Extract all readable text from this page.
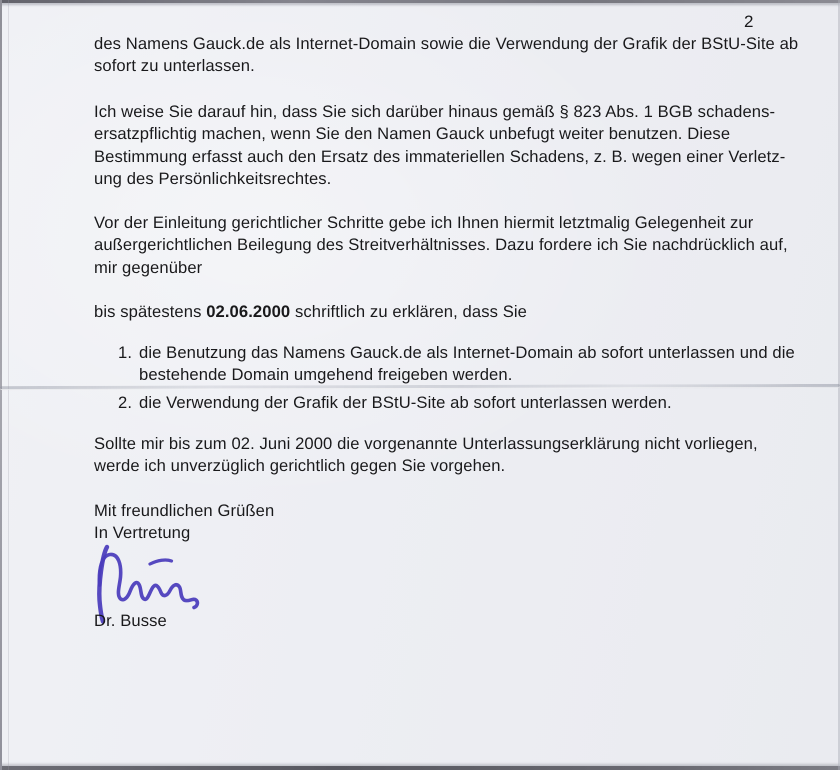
2
des Namens Gauck.de als Internet-Domain sowie die Verwendung der Grafik der BStU-Site ab
sofort zu unterlassen.
Ich weise Sie darauf hin, dass Sie sich darüber hinaus gemäß § 823 Abs. 1 BGB schadens-
ersatzpflichtig machen, wenn Sie den Namen Gauck unbefugt weiter benutzen. Diese
Bestimmung erfasst auch den Ersatz des immateriellen Schadens, z. B. wegen einer Verletz-
ung des Persönlichkeitsrechtes.
Vor der Einleitung gerichtlicher Schritte gebe ich Ihnen hiermit letztmalig Gelegenheit zur
außergerichtlichen Beilegung des Streitverhältnisses. Dazu fordere ich Sie nachdrücklich auf,
mir gegenüber
bis spätestens 02.06.2000 schriftlich zu erklären, dass Sie
1. die Benutzung das Namens Gauck.de als Internet-Domain ab sofort unterlassen und die
bestehende Domain umgehend freigeben werden.
2. die Verwendung der Grafik der BStU-Site ab sofort unterlassen werden.
Sollte mir bis zum 02. Juni 2000 die vorgenannte Unterlassungserklärung nicht vorliegen,
werde ich unverzüglich gerichtlich gegen Sie vorgehen.
Mit freundlichen Grüßen
In Vertretung
Dr. Busse
